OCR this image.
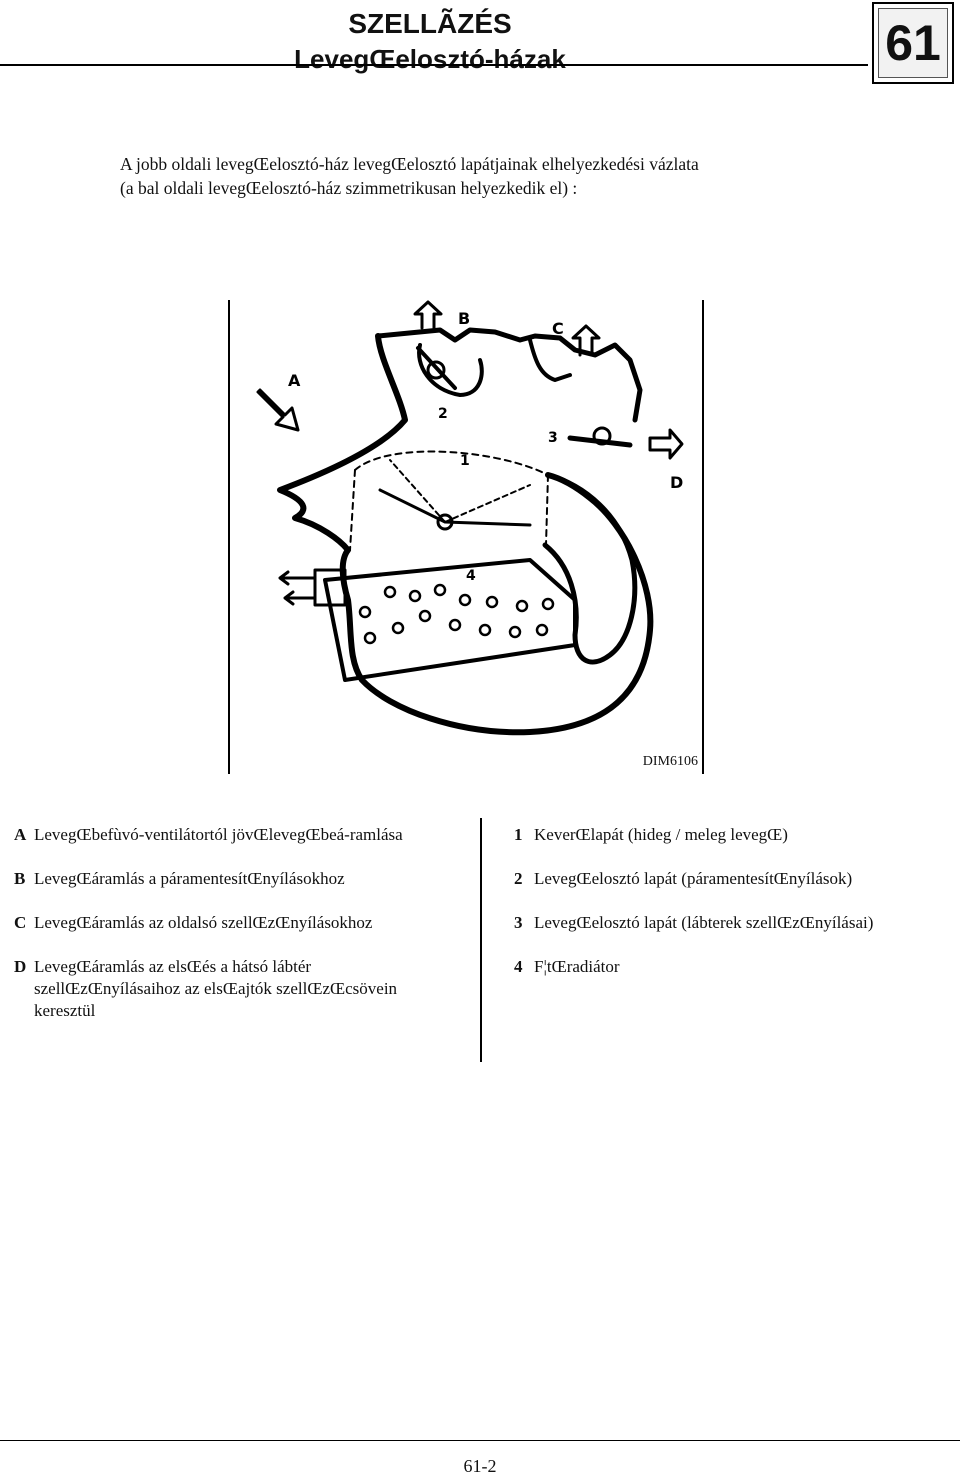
SZELLÃZÉS
LevegŒelosztó-házak	61
A jobb oldali levegŒelosztó-ház levegŒelosztó lapátjainak elhelyezkedési vázlata
(a bal oldali levegŒelosztó-ház szimmetrikusan helyezkedik el) :
A
B
C
D
1
2
3
4
DIM6106
A LevegŒbefùvó-ventilátortól jövŒlevegŒbeá-ramlása
B LevegŒáramlás a páramentesítŒnyílásokhoz
C LevegŒáramlás az oldalsó szellŒzŒnyílásokhoz
D LevegŒáramlás az elsŒés a hátsó lábtér szellŒzŒnyílásaihoz az elsŒajtók szellŒzŒcsövein keresztül
1 KeverŒlapát (hideg / meleg levegŒ)
2 LevegŒelosztó lapát (páramentesítŒnyílások)
3 LevegŒelosztó lapát (lábterek szellŒzŒnyílásai)
4 F¦tŒradiátor
61-2
